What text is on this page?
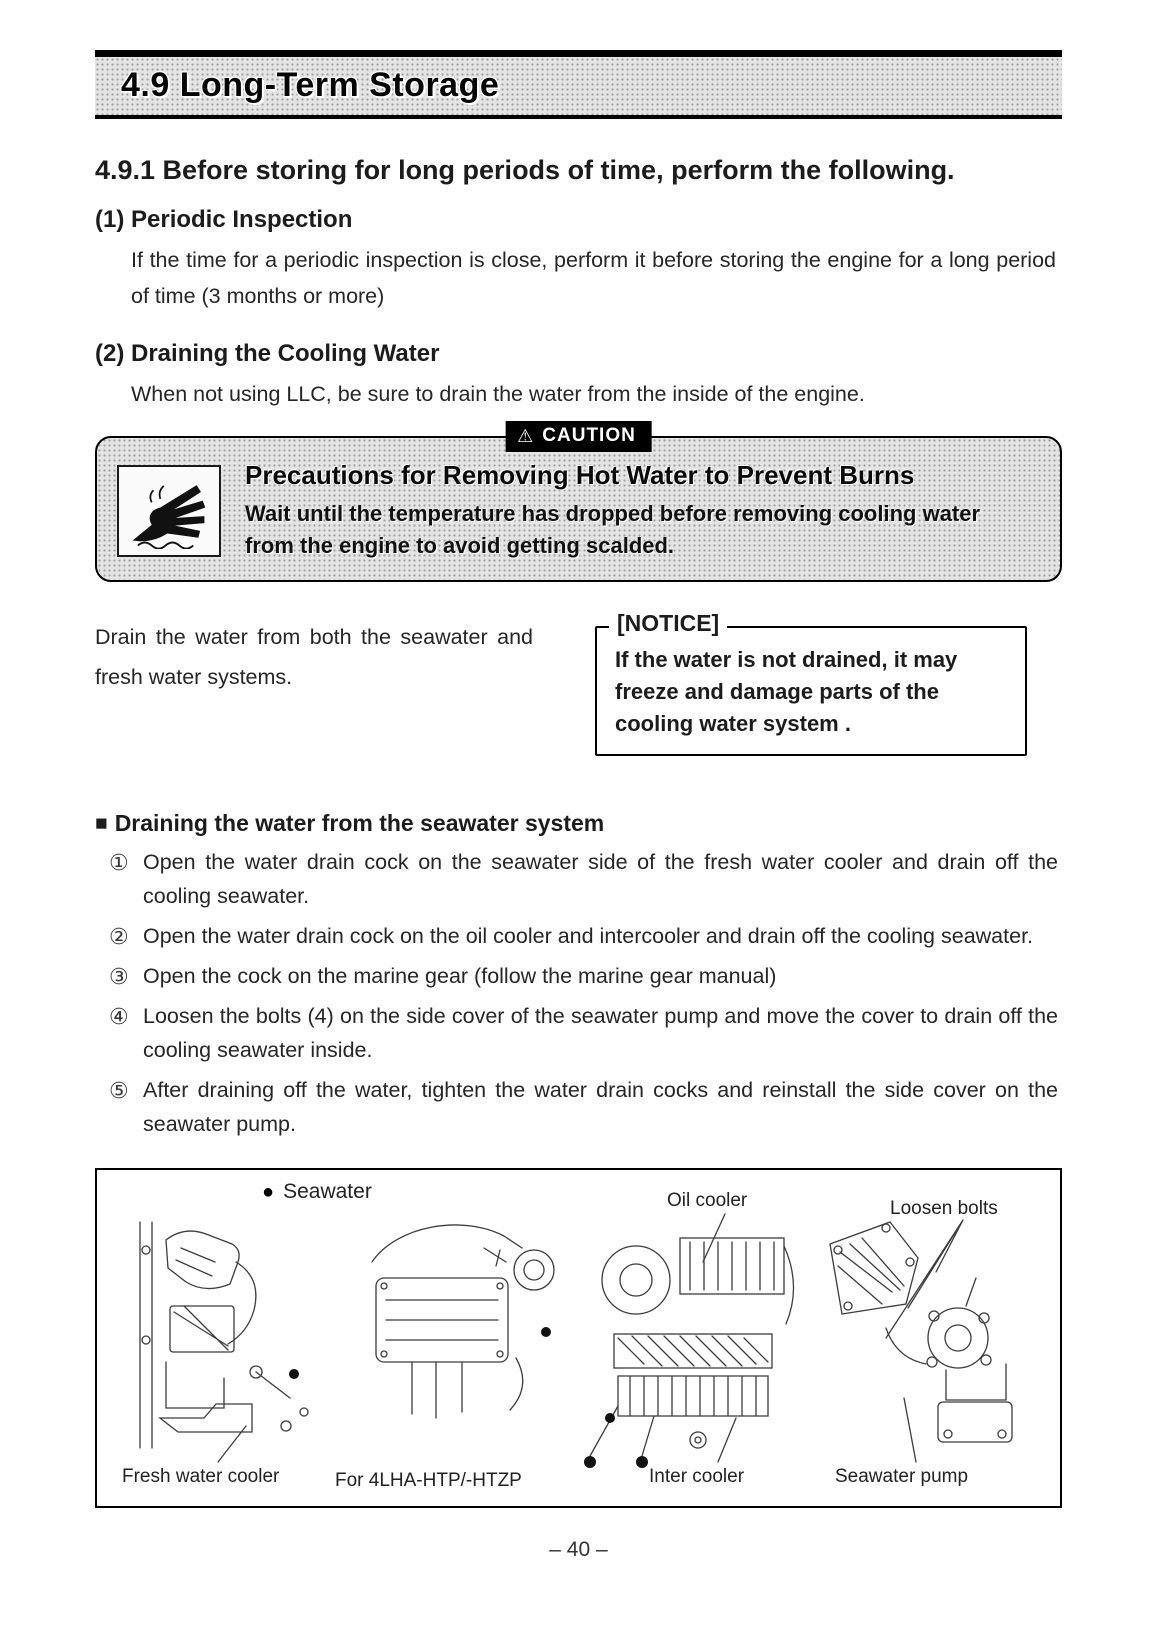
4.9 Long-Term Storage
4.9.1 Before storing for long periods of time, perform the following.
(1) Periodic Inspection

If the time for a periodic inspection is close, perform it before storing the engine for a long period of time (3 months or more)

(2) Draining the Cooling Water

When not using LLC, be sure to drain the water from the inside of the engine.

⚠ CAUTION
Precautions for Removing Hot Water to Prevent Burns
Wait until the temperature has dropped before removing cooling water from the engine to avoid getting scalded.

Drain the water from both the seawater and fresh water systems.

[NOTICE]
If the water is not drained, it may freeze and damage parts of the cooling water system .
■ Draining the water from the seawater system
① Open the water drain cock on the seawater side of the fresh water cooler and drain off the cooling seawater.
② Open the water drain cock on the oil cooler and intercooler and drain off the cooling seawater.
③ Open the cock on the marine gear (follow the marine gear manual)
④ Loosen the bolts (4) on the side cover of the seawater pump and move the cover to drain off the cooling seawater inside.
⑤ After draining off the water, tighten the water drain cocks and reinstall the side cover on the seawater pump.
● Seawater	Oil cooler	Loosen bolts
Fresh water cooler	For 4LHA-HTP/-HTZP	Inter cooler	Seawater pump
– 40 –
